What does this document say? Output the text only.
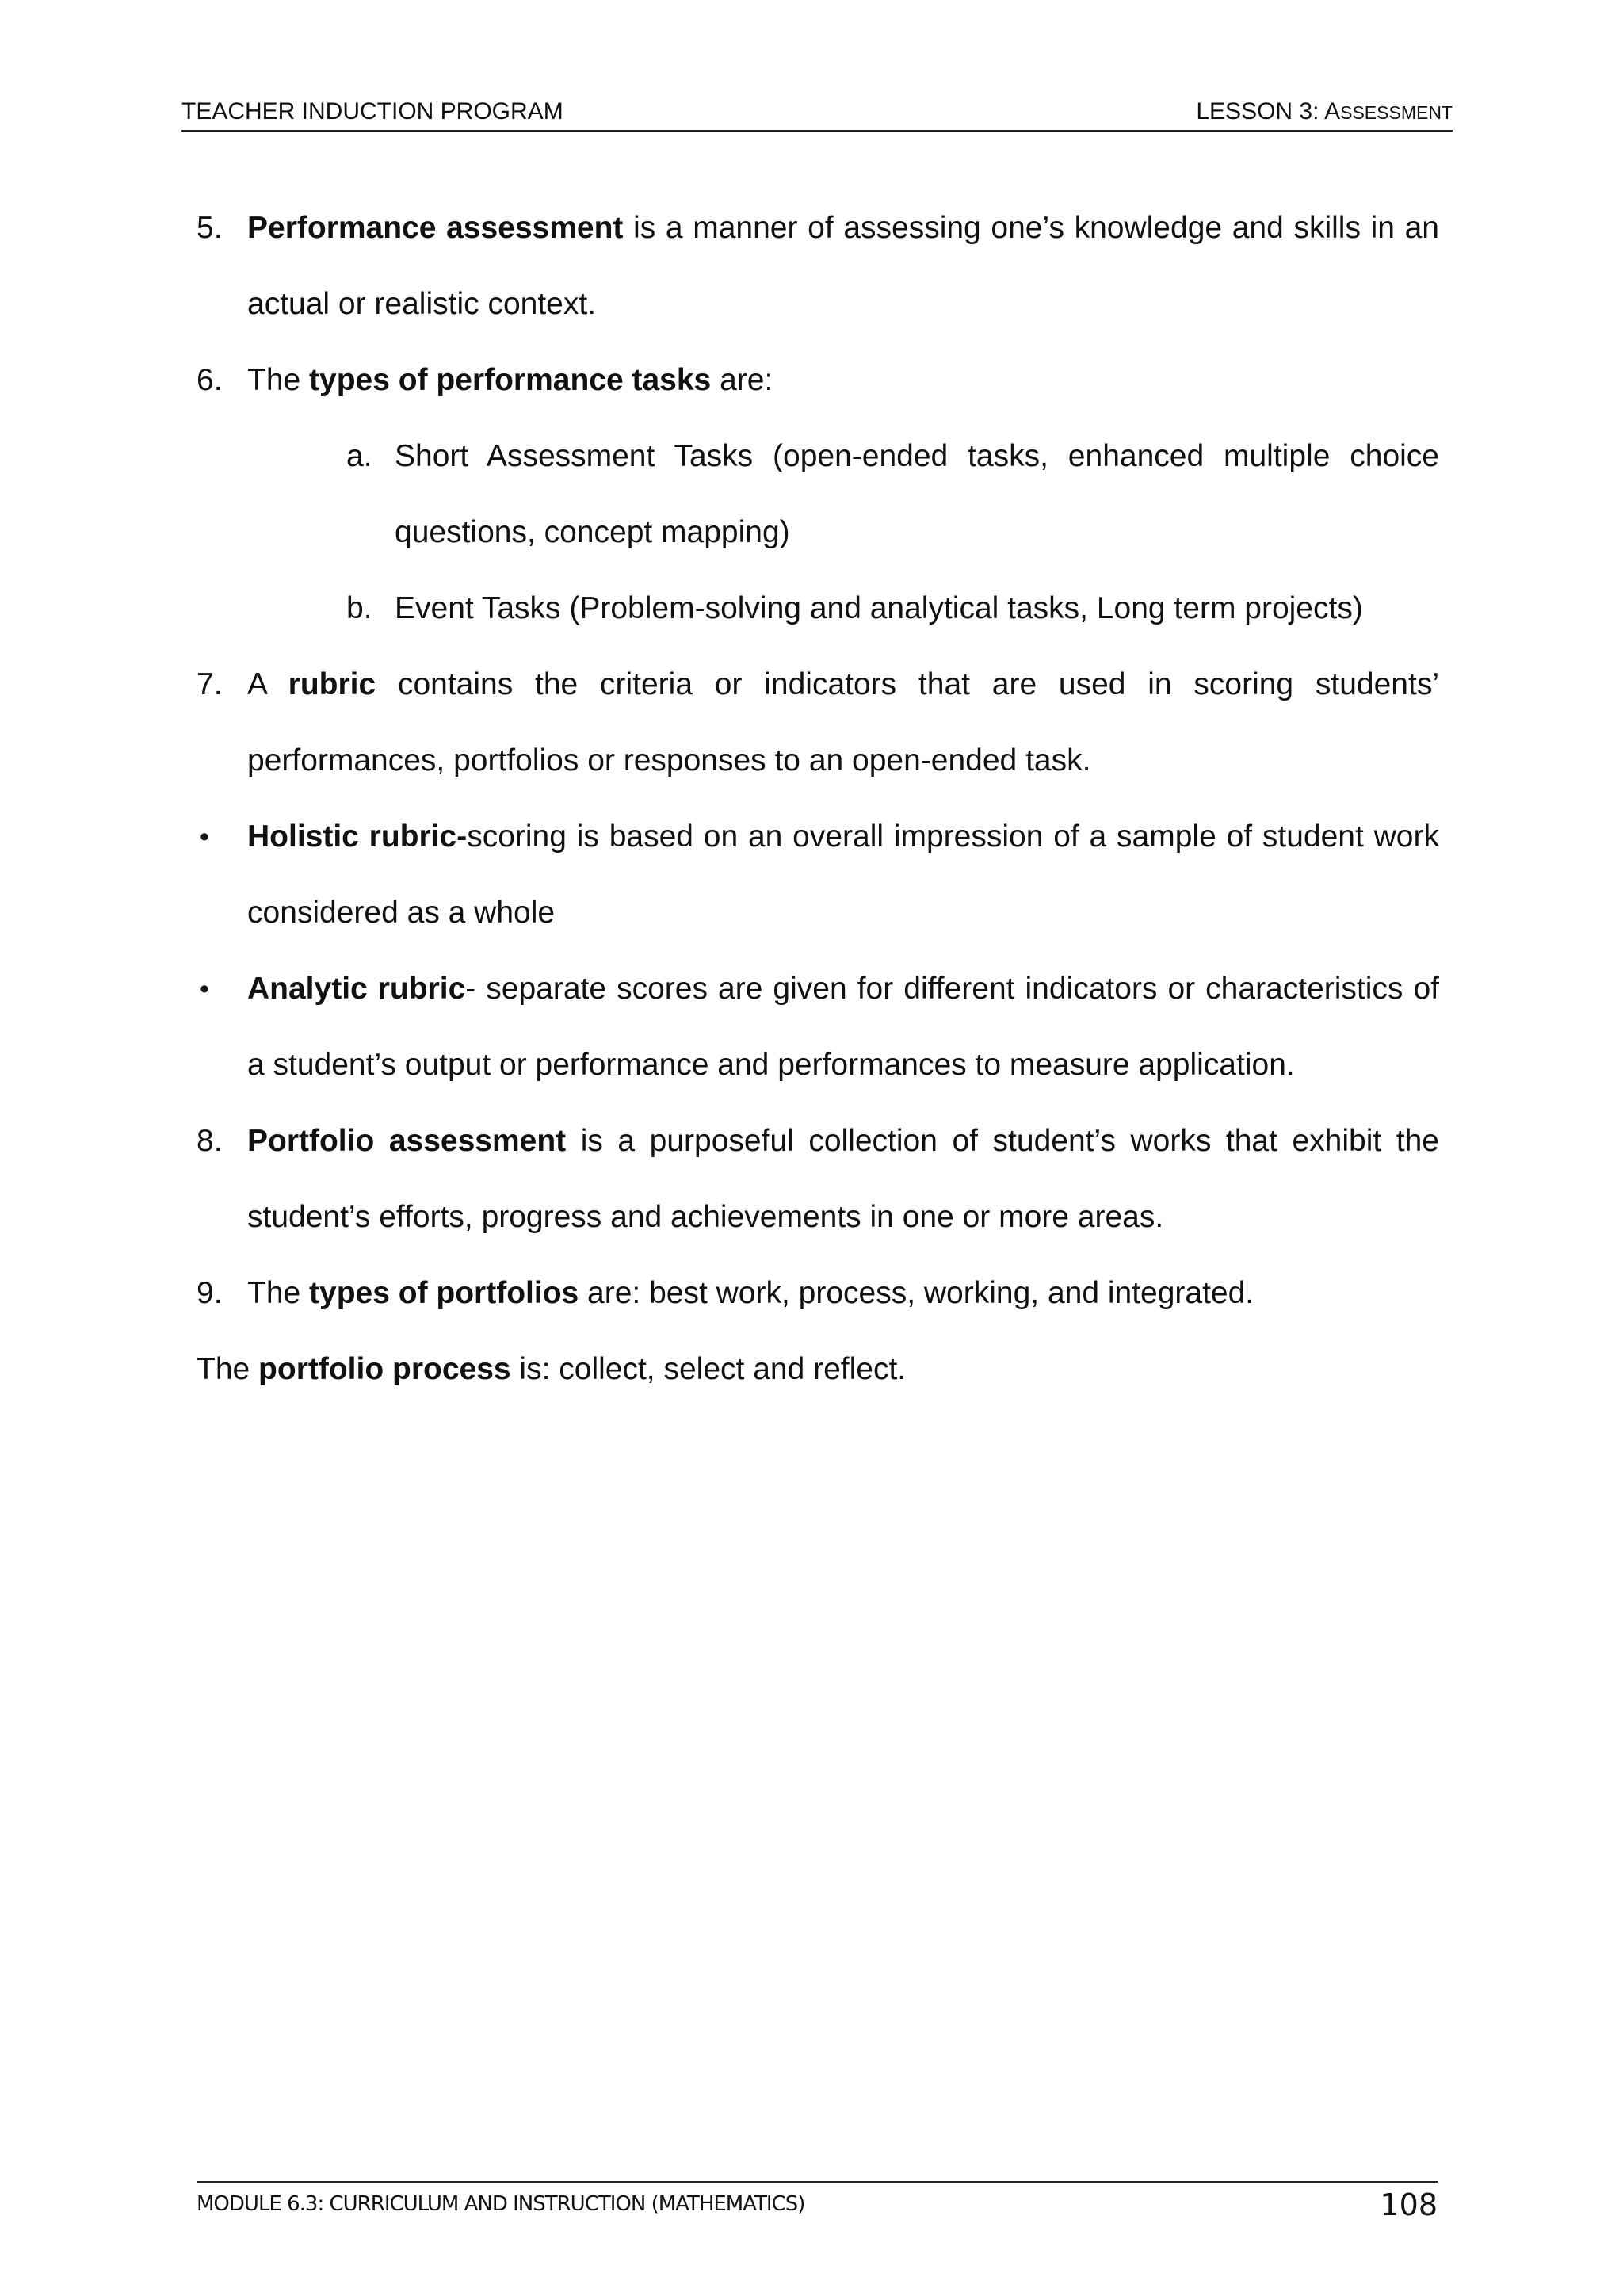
TEACHER INDUCTION PROGRAM	LESSON 3: ASSESSMENT
5. Performance assessment is a manner of assessing one’s knowledge and skills in an actual or realistic context.
6. The types of performance tasks are:
a. Short Assessment Tasks (open-ended tasks, enhanced multiple choice questions, concept mapping)
b. Event Tasks (Problem-solving and analytical tasks, Long term projects)
7. A rubric contains the criteria or indicators that are used in scoring students’ performances, portfolios or responses to an open-ended task.
• Holistic rubric-scoring is based on an overall impression of a sample of student work considered as a whole
• Analytic rubric- separate scores are given for different indicators or characteristics of a student’s output or performance and performances to measure application.
8. Portfolio assessment is a purposeful collection of student’s works that exhibit the student’s efforts, progress and achievements in one or more areas.
9. The types of portfolios are: best work, process, working, and integrated.
The portfolio process is: collect, select and reflect.
MODULE 6.3: CURRICULUM AND INSTRUCTION (MATHEMATICS)	108
